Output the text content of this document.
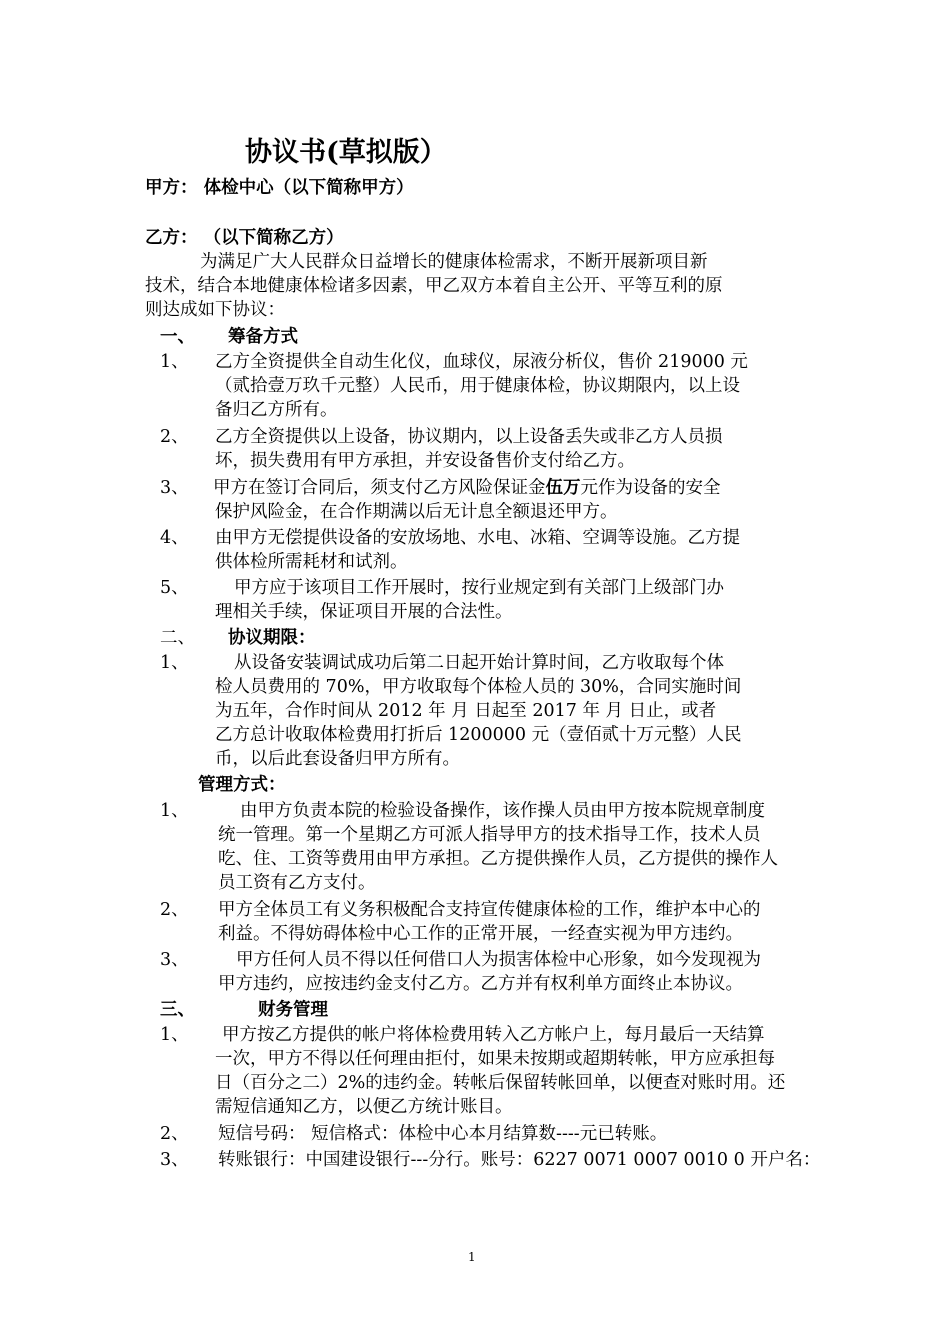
协议书(草拟版）
甲方： 体检中心（以下简称甲方）
乙方： （以下简称乙方）
为满足广大人民群众日益增长的健康体检需求，不断开展新项目新
技术，结合本地健康体检诸多因素，甲乙双方本着自主公开、平等互利的原
则达成如下协议：
一、 筹备方式
1、 乙方全资提供全自动生化仪，血球仪，尿液分析仪，售价 219000 元
（贰拾壹万玖千元整）人民币，用于健康体检，协议期限内，以上设
备归乙方所有。
2、 乙方全资提供以上设备，协议期内，以上设备丢失或非乙方人员损
坏，损失费用有甲方承担，并安设备售价支付给乙方。
3、 甲方在签订合同后，须支付乙方风险保证金伍万元作为设备的安全
保护风险金，在合作期满以后无计息全额退还甲方。
4、 由甲方无偿提供设备的安放场地、水电、冰箱、空调等设施。乙方提
供体检所需耗材和试剂。
5、	甲方应于该项目工作开展时，按行业规定到有关部门上级部门办
理相关手续，保证项目开展的合法性。
二、 协议期限：
1、	从设备安装调试成功后第二日起开始计算时间，乙方收取每个体
检人员费用的 70%，甲方收取每个体检人员的 30%，合同实施时间
为五年，合作时间从 2012 年 月 日起至 2017 年 月 日止，或者
乙方总计收取体检费用打折后 1200000 元（壹佰贰十万元整）人民
币，以后此套设备归甲方所有。
管理方式：
1、	由甲方负责本院的检验设备操作，该作操人员由甲方按本院规章制度
统一管理。第一个星期乙方可派人指导甲方的技术指导工作，技术人员
吃、住、工资等费用由甲方承担。乙方提供操作人员，乙方提供的操作人
员工资有乙方支付。
2、 甲方全体员工有义务积极配合支持宣传健康体检的工作，维护本中心的
利益。不得妨碍体检中心工作的正常开展，一经查实视为甲方违约。
3、	甲方任何人员不得以任何借口人为损害体检中心形象，如今发现视为
甲方违约，应按违约金支付乙方。乙方并有权利单方面终止本协议。
三、	财务管理
1、 甲方按乙方提供的帐户将体检费用转入乙方帐户上，每月最后一天结算
一次，甲方不得以任何理由拒付，如果未按期或超期转帐，甲方应承担每
日（百分之二）2%的违约金。转帐后保留转帐回单，以便查对账时用。还
需短信通知乙方，以便乙方统计账目。
2、 短信号码： 短信格式：体检中心本月结算数----元已转账。
3、 转账银行：中国建设银行---分行。账号：6227 0071 0007 0010 0 开户名：
1
